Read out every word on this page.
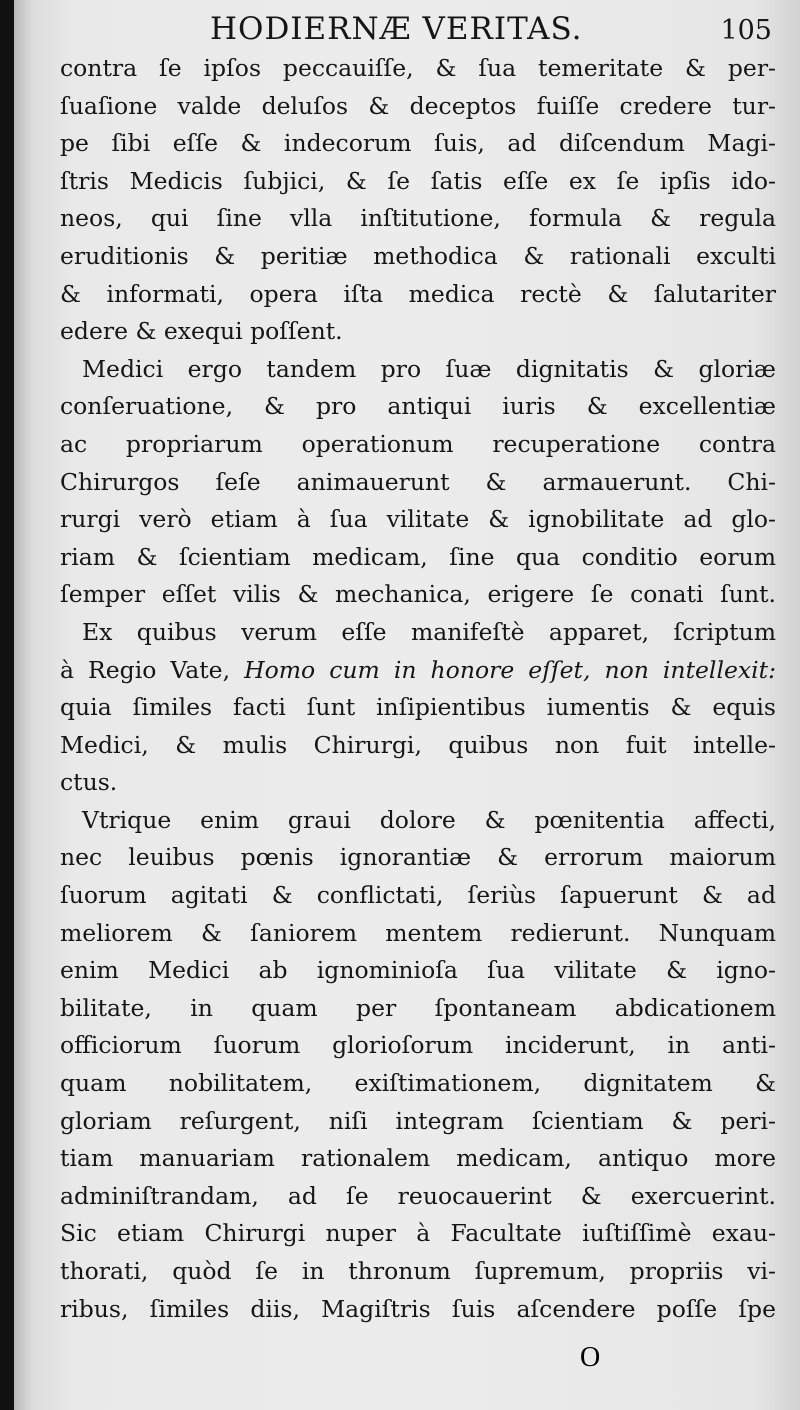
HODIERNÆ VERITAS.	105
contra ſe ipſos peccauiſſe, & ſua temeritate & per-
ſuaſione valde deluſos & deceptos fuiſſe credere tur-
pe ſibi eſſe & indecorum ſuis, ad diſcendum Magi-
ſtris Medicis ſubjici, & ſe ſatis eſſe ex ſe ipſis ido-
neos, qui ſine vlla inſtitutione, formula & regula
eruditionis & peritiæ methodica & rationali exculti
& informati, opera iſta medica rectè & ſalutariter
edere & exequi poſſent.
Medici ergo tandem pro ſuæ dignitatis & gloriæ
conſeruatione, & pro antiqui iuris & excellentiæ
ac propriarum operationum recuperatione contra
Chirurgos ſeſe animauerunt & armauerunt. Chi-
rurgi verò etiam à ſua vilitate & ignobilitate ad glo-
riam & ſcientiam medicam, ſine qua conditio eorum
ſemper eſſet vilis & mechanica, erigere ſe conati ſunt.
Ex quibus verum eſſe manifeſtè apparet, ſcriptum
à Regio Vate, Homo cum in honore eſſet, non intellexit:
quia ſimiles facti ſunt inſipientibus iumentis & equis
Medici, & mulis Chirurgi, quibus non fuit intelle-
ctus.
Vtrique enim graui dolore & pœnitentia affecti,
nec leuibus pœnis ignorantiæ & errorum maiorum
ſuorum agitati & conflictati, ſeriùs ſapuerunt & ad
meliorem & ſaniorem mentem redierunt. Nunquam
enim Medici ab ignominioſa ſua vilitate & igno-
bilitate, in quam per ſpontaneam abdicationem
officiorum ſuorum glorioſorum inciderunt, in anti-
quam nobilitatem, exiſtimationem, dignitatem &
gloriam reſurgent, niſi integram ſcientiam & peri-
tiam manuariam rationalem medicam, antiquo more
adminiſtrandam, ad ſe reuocauerint & exercuerint.
Sic etiam Chirurgi nuper à Facultate iuſtiſſimè exau-
thorati, quòd ſe in thronum ſupremum, propriis vi-
ribus, ſimiles diis, Magiſtris ſuis aſcendere poſſe ſpe
O
